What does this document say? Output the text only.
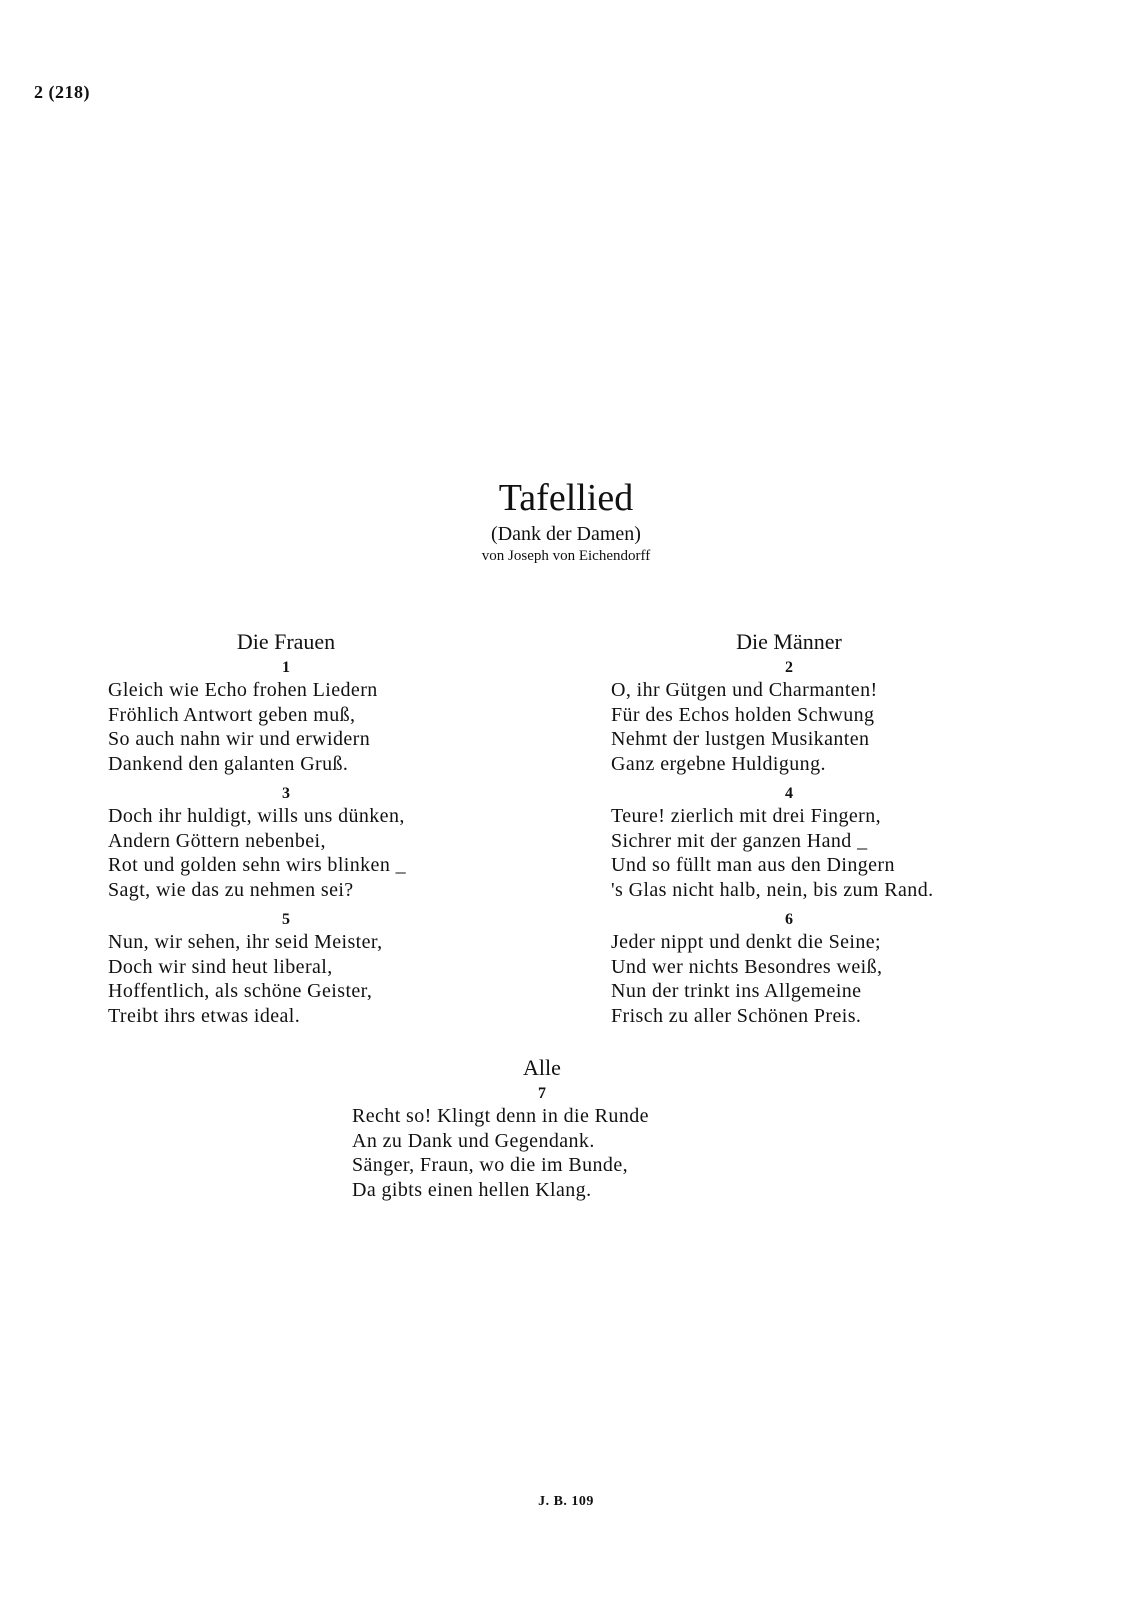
2 (218)
Tafellied
(Dank der Damen)
von Joseph von Eichendorff
Die Frauen
1
Gleich wie Echo frohen Liedern
Fröhlich Antwort geben muß,
So auch nahn wir und erwidern
Dankend den galanten Gruß.
3
Doch ihr huldigt, wills uns dünken,
Andern Göttern nebenbei,
Rot und golden sehn wirs blinken _
Sagt, wie das zu nehmen sei?
5
Nun, wir sehen, ihr seid Meister,
Doch wir sind heut liberal,
Hoffentlich, als schöne Geister,
Treibt ihrs etwas ideal.
Die Männer
2
O, ihr Gütgen und Charmanten!
Für des Echos holden Schwung
Nehmt der lustgen Musikanten
Ganz ergebne Huldigung.
4
Teure! zierlich mit drei Fingern,
Sichrer mit der ganzen Hand _
Und so füllt man aus den Dingern
's Glas nicht halb, nein, bis zum Rand.
6
Jeder nippt und denkt die Seine;
Und wer nichts Besondres weiß,
Nun der trinkt ins Allgemeine
Frisch zu aller Schönen Preis.
Alle
7
Recht so! Klingt denn in die Runde
An zu Dank und Gegendank.
Sänger, Fraun, wo die im Bunde,
Da gibts einen hellen Klang.
J. B. 109
